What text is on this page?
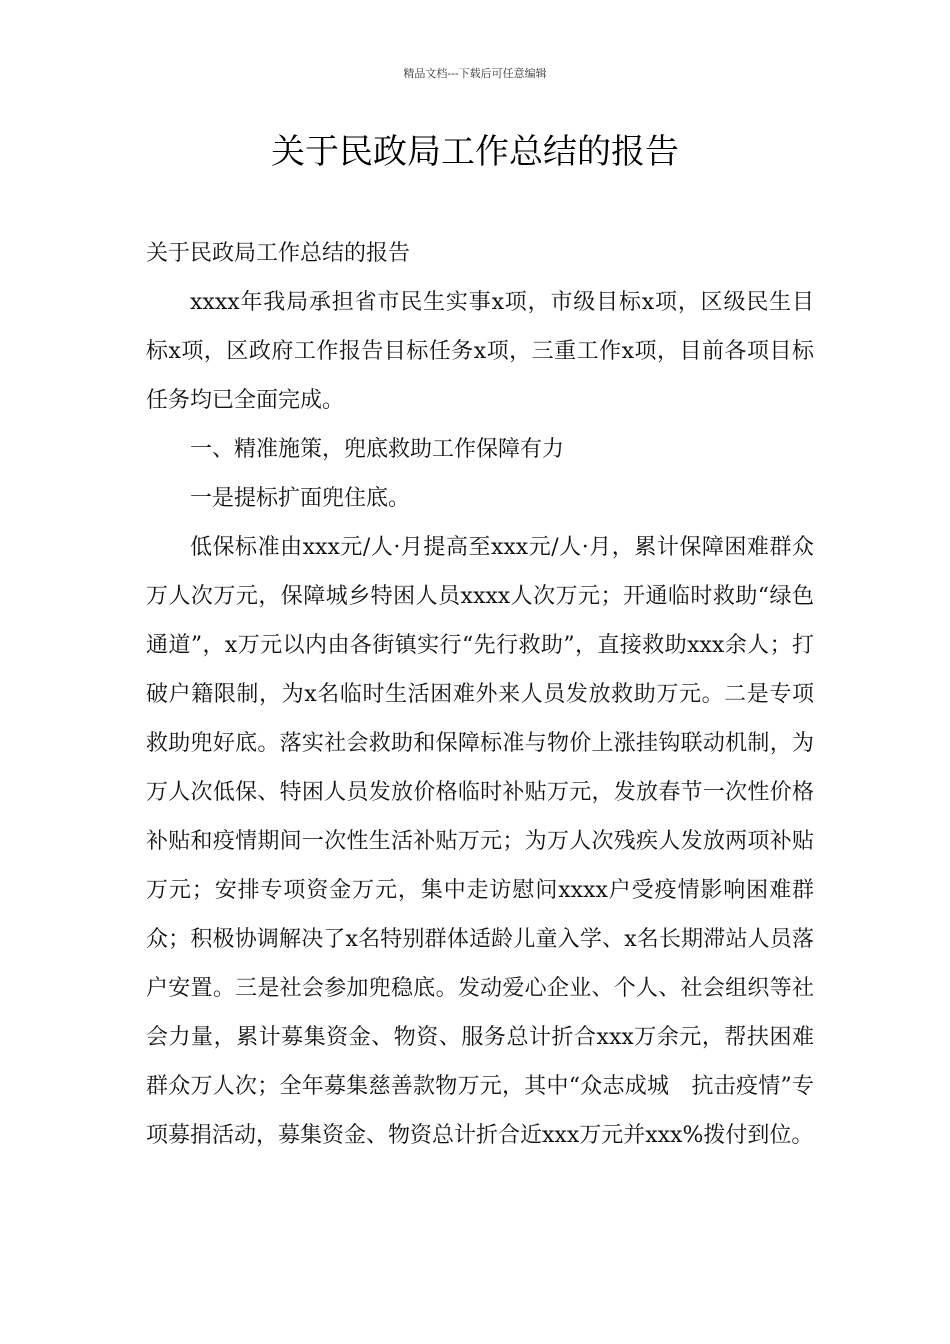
精品文档---下载后可任意编辑
关于民政局工作总结的报告

关于民政局工作总结的报告

xxxx年我局承担省市民生实事x项，市级目标x项，区级民生目标x项，区政府工作报告目标任务x项，三重工作x项，目前各项目标任务均已全面完成。

一、精准施策，兜底救助工作保障有力

一是提标扩面兜住底。

低保标准由xxx元/人·月提高至xxx元/人·月，累计保障困难群众万人次万元，保障城乡特困人员xxxx人次万元；开通临时救助“绿色通道”，x万元以内由各街镇实行“先行救助”，直接救助xxx余人；打破户籍限制，为x名临时生活困难外来人员发放救助万元。二是专项救助兜好底。落实社会救助和保障标准与物价上涨挂钩联动机制，为万人次低保、特困人员发放价格临时补贴万元，发放春节一次性价格补贴和疫情期间一次性生活补贴万元；为万人次残疾人发放两项补贴万元；安排专项资金万元，集中走访慰问xxxx户受疫情影响困难群众；积极协调解决了x名特别群体适龄儿童入学、x名长期滞站人员落户安置。三是社会参加兜稳底。发动爱心企业、个人、社会组织等社会力量，累计募集资金、物资、服务总计折合xxx万余元，帮扶困难群众万人次；全年募集慈善款物万元，其中“众志成城　抗击疫情”专项募捐活动，募集资金、物资总计折合近xxx万元并xxx%拨付到位。
